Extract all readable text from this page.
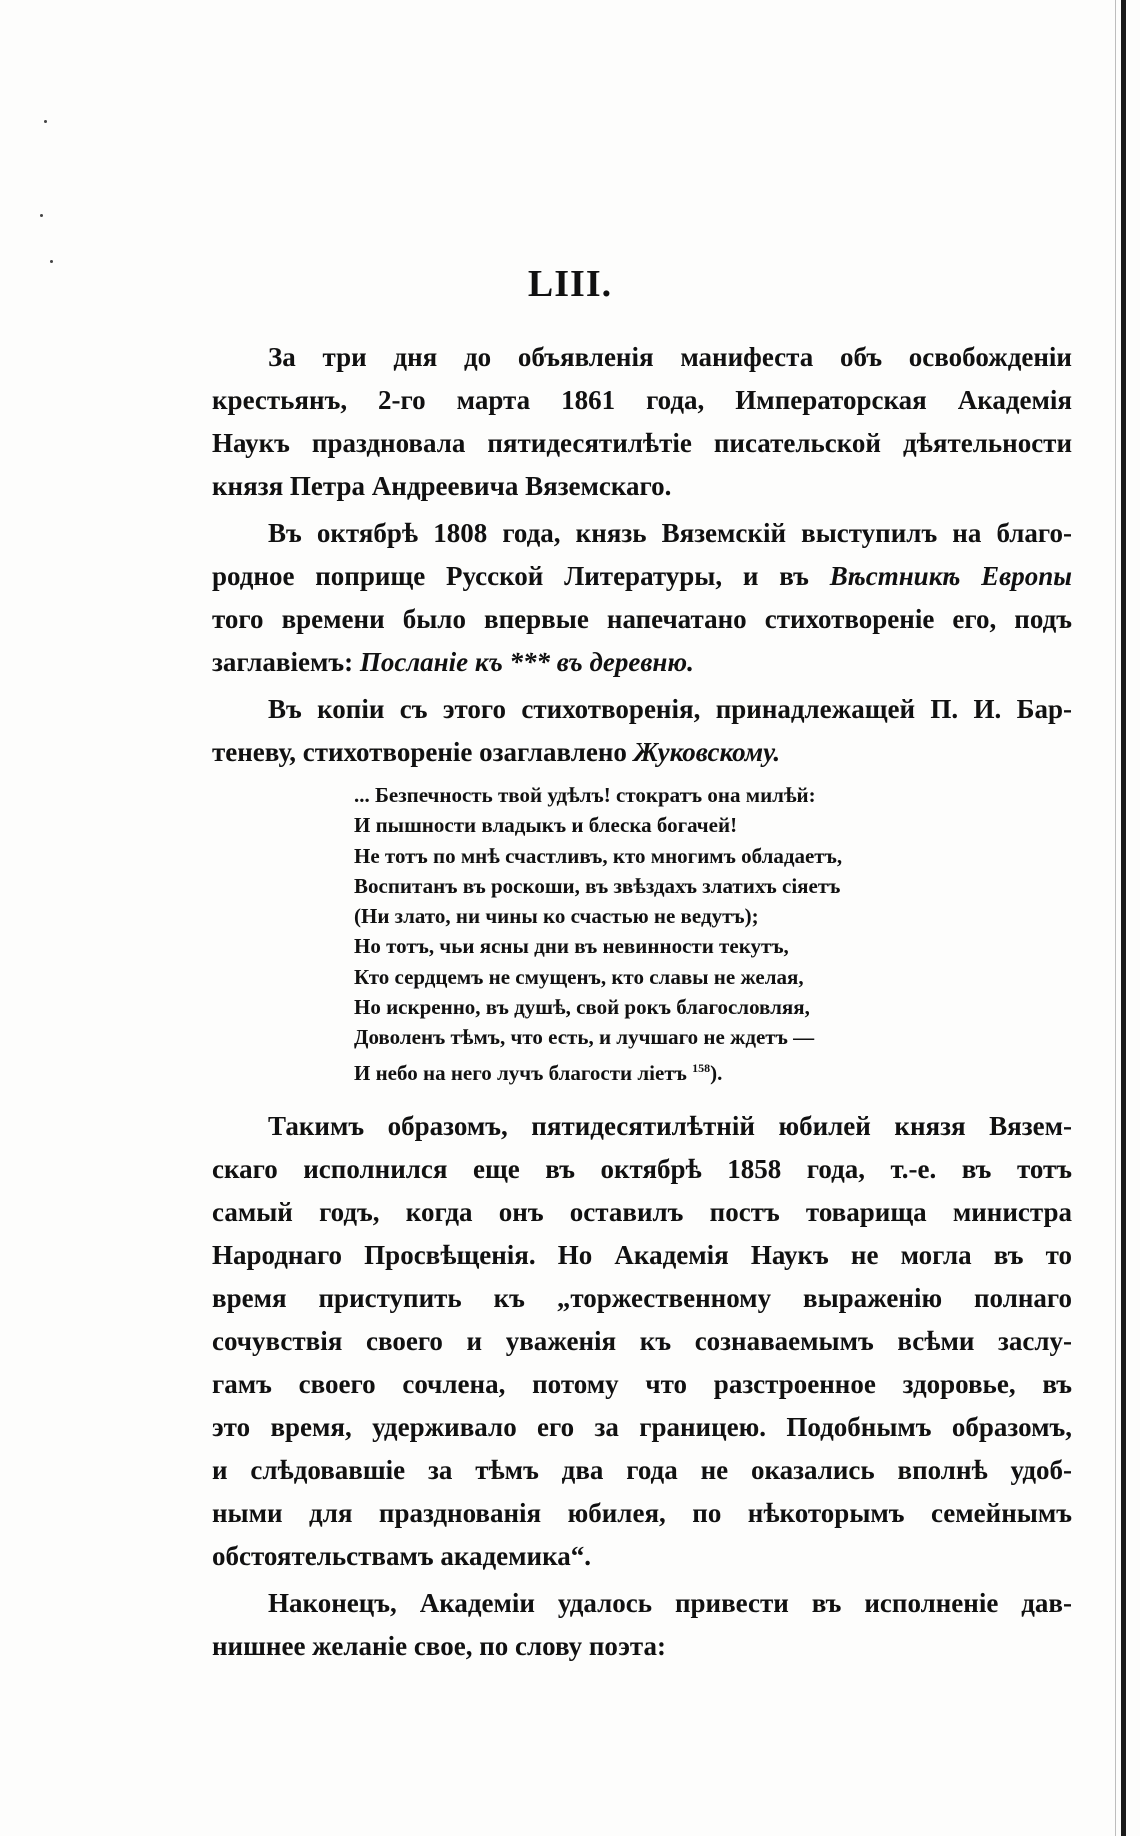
LIII.
За три дня до объявленія манифеста объ освобожденіи
крестьянъ, 2-го марта 1861 года, Императорская Академія
Наукъ праздновала пятидесятилѣтіе писательской дѣятельности
князя Петра Андреевича Вяземскаго.
Въ октябрѣ 1808 года, князь Вяземскій выступилъ на благо-
родное поприще Русской Литературы, и въ Вѣстникѣ Европы
того времени было впервые напечатано стихотвореніе его, подъ
заглавіемъ: Посланіе къ *** въ деревню.
Въ копіи съ этого стихотворенія, принадлежащей П. И. Бар-
теневу, стихотвореніе озаглавлено Жуковскому.
... Безпечность твой удѣлъ! стократъ она милѣй:
И пышности владыкъ и блеска богачей!
Не тотъ по мнѣ счастливъ, кто многимъ обладаетъ,
Воспитанъ въ роскоши, въ звѣздахъ златихъ сіяетъ
(Ни злато, ни чины ко счастью не ведутъ);
Но тотъ, чьи ясны дни въ невинности текутъ,
Кто сердцемъ не смущенъ, кто славы не желая,
Но искренно, въ душѣ, свой рокъ благословляя,
Доволенъ тѣмъ, что есть, и лучшаго не ждетъ —
И небо на него лучъ благости ліетъ $^{158}$).
Такимъ образомъ, пятидесятилѣтній юбилей князя Вязем-
скаго исполнился еще въ октябрѣ 1858 года, т.-е. въ тотъ
самый годъ, когда онъ оставилъ постъ товарища министра
Народнаго Просвѣщенія. Но Академія Наукъ не могла въ то
время приступить къ „торжественному выраженію полнаго
сочувствія своего и уваженія къ сознаваемымъ всѣми заслу-
гамъ своего сочлена, потому что разстроенное здоровье, въ
это время, удерживало его за границею. Подобнымъ образомъ,
и слѣдовавшіе за тѣмъ два года не оказались вполнѣ удоб-
ными для празднованія юбилея, по нѣкоторымъ семейнымъ
обстоятельствамъ академика“.
Наконецъ, Академіи удалось привести въ исполненіе дав-
нишнее желаніе свое, по слову поэта:
